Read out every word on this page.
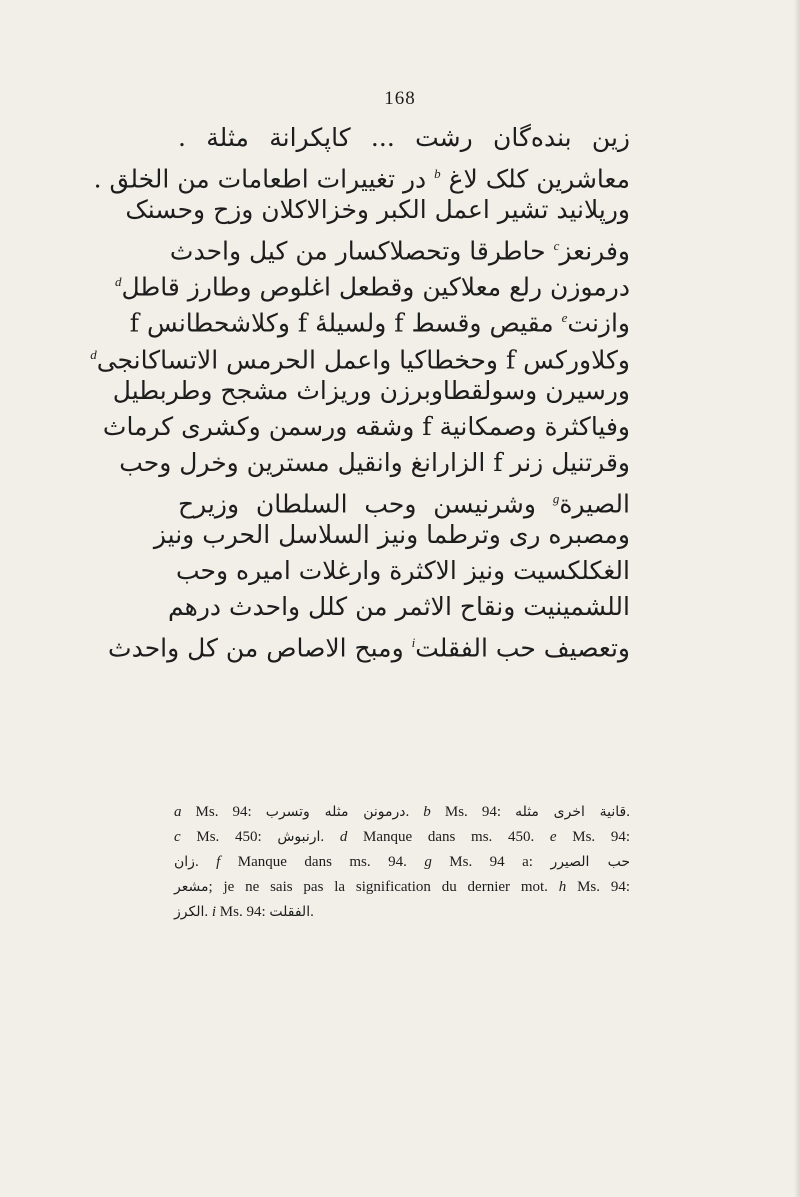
168
زين بنده‌گان رشت ... کاپکرانة مثلة .
معاشرین کلک لاغ $^b$ در تغییرات اطعامات من الخلق .
ورپلانید تشیر اعمل الکبر وخزالاکلان وزح وحسنک
وفرنعز$^c$ حاطرقا وتحصلاکسار من کیل واحدث
درموزن رلع معلاکین وقطعل اغلوص وطارز قاطل$^d$
وازنت$^e$ مقیص وقسط f ولسیلهٔ f وکلاشحطانس f
وکلاورکس f وحخطاکیا واعمل الحرمس الاتساکانجی$^d$
ورسیرن وسولقطاوبرزن وریزاث مشجح وطربطیل
وفیاکثرة وصمکانیة f وشقه ورسمن وکشری کرماث
وقرتنیل زنر f الزارانغ وانقیل مسترین وخرل وحب
الصیرة$^g$ وشرنیسن وحب السلطان وزیرح
ومصبره ری وترطما ونیز السلاسل الحرب ونیز
الغکلکسیت ونیز الاکثرة وارغلات امیره وحب
اللشمینیت ونقاح الاثمر من کلل واحدث درهم
وتعصیف حب الفقلت$^i$ ومبح الاصاص من کل واحدث
a Ms. 94: درمونن مثله وتسرب. b Ms. 94: قانیة اخری مثله.
c Ms. 450: ارنبوش. d Manque dans ms. 450. e Ms. 94:
زان. f Manque dans ms. 94. g Ms. 94 a: حب الصیرر
مشعر; je ne sais pas la signification du dernier mot. h Ms. 94:
الکرز. i Ms. 94: الفقلت.
